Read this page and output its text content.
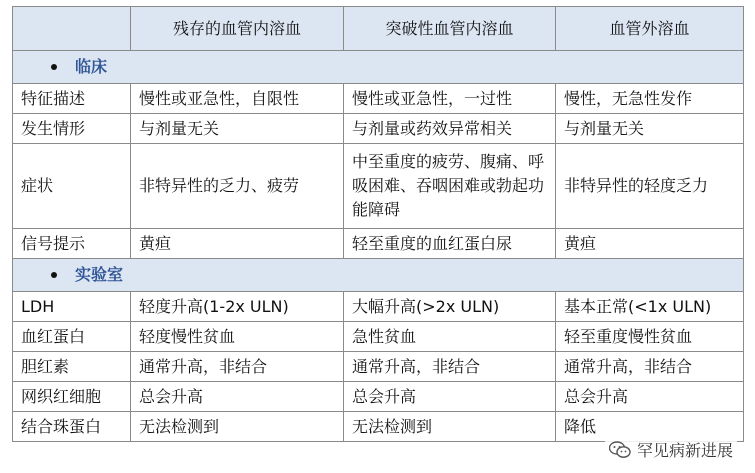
	残存的血管内溶血	突破性血管内溶血	血管外溶血
临床			
特征描述	慢性或亚急性，自限性	慢性或亚急性，一过性	慢性，无急性发作
发生情形	与剂量无关	与剂量或药效异常相关	与剂量无关
症状	非特异性的乏力、疲劳	中至重度的疲劳、腹痛、呼吸困难、吞咽困难或勃起功能障碍	非特异性的轻度乏力
信号提示	黄疸	轻至重度的血红蛋白尿	黄疸
实验室			
LDH	轻度升高(1-2x ULN)	大幅升高(>2x ULN)	基本正常(<1x ULN)
血红蛋白	轻度慢性贫血	急性贫血	轻至重度慢性贫血
胆红素	通常升高，非结合	通常升高，非结合	通常升高，非结合
网织红细胞	总会升高	总会升高	总会升高
结合珠蛋白	无法检测到	无法检测到	降低
罕见病新进展
